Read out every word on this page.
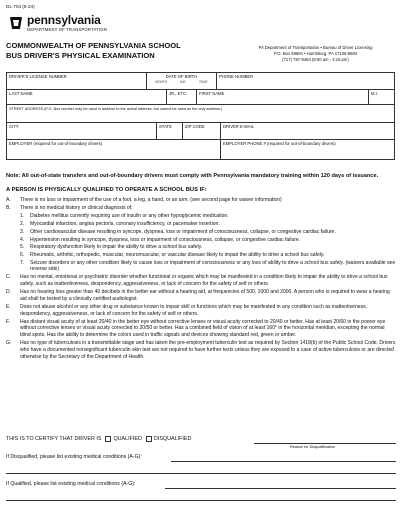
DL-704 (5-24)
pennsylvania
DEPARTMENT OF TRANSPORTATION
COMMONWEALTH OF PENNSYLVANIA SCHOOL
BUS DRIVER'S PHYSICAL EXAMINATION
PA Department of Transportation • Bureau of Driver Licensing
P.O. Box 68684 • Harrisburg, PA 17106-8684
(717) 787-9463 (8:00 am - 4:15 pm)
DRIVER'S LICENSE NUMBER	DATE OF BIRTH
MONTH	DAY	YEAR
PHONE NUMBER
LAST NAME	JR., ETC.	FIRST NAME	M.I.
STREET ADDRESS (P.O. Box number may be used in addition to the actual address, but cannot be used as the only address.)
CITY	STATE	ZIP CODE	DRIVER E-MAIL
EMPLOYER (required for out-of-boundary drivers)	EMPLOYER PHONE # (required for out-of-boundary drivers)
Note: All out-of-state transfers and out-of-boundary drivers must comply with Pennsylvania mandatory training within 120 days of issuance.
A PERSON IS PHYSICALLY QUALIFIED TO OPERATE A SCHOOL BUS IF:
A.	There is no loss or impairment of the use of a foot, a leg, a hand, or an arm. (see second page for waiver information)
B.	There is no medical history or clinical diagnosis of;
1.	Diabetes mellitus currently requiring use of insulin or any other hypoglycemic medication.
2.	Myocardial infarction, angina pectoris, coronary insufficiency, or pacemaker insertion.
3.	Other cardiovascular disease resulting in syncope, dyspnea, loss or impairment of consciousness, collapse, or congestive cardiac failure.
4.	Hypertension resulting in syncope, dyspnea, loss or impairment of consciousness, collapse, or congestive cardiac failure.
5.	Respiratory dysfunction likely to impair the ability to drive a school bus safely.
6.	Rheumatic, arthritic, orthopedic, muscular, neuromuscular, or vascular disease likely to impair the ability to drive a school bus safely.
7.	Seizure disorders or any other condition likely to cause loss or impairment of consciousness or any loss of ability to drive a school bus safely. (waivers available see reverse side)
C.	Has no mental, emotional or psychiatric disorder whether functional or organic which may be manifested in a condition likely to impair the ability to drive a school bus safely, such as inattentiveness, despondency, aggressiveness, or lack of concern for the safety of self or others.
D.	Has no hearing loss greater than 40 decibels in the better ear without a hearing aid, at frequencies of 500, 1000 and 2000. A person who is required to wear a hearing aid shall be tested by a clinically certified audiologist.
E.	Does not abuse alcohol or any other drug or substance known to impair skill or functions which may be manifested in any condition such as inattentiveness, despondency, aggressiveness, or lack of concern for the safety of self or others.
F.	Has distant visual acuity of at least 20/40 in the better eye without corrective lenses or visual acuity corrected to 20/40 or better. Has at least 20/60 in the poorer eye without corrective lenses or visual acuity corrected to 20/50 or better. Has a combined field of vision of at least 160° in the horizontal meridian, excepting the normal blind spots. Has the ability to determine the colors used in traffic signals and devices showing standard red, green or amber.
G.	Has no type of tuberculosis in a transmittable stage and has taken the pre-employment tuberculin test as required by Section 1418(b) of the Public School Code. Drivers who have a documented nonsignificant tuberculin skin test are not required to have further tests unless they are exposed to a case of active tuberculosis or are directed otherwise by the Secretary of the Department of Health.
THIS IS TO CERTIFY THAT DRIVER IS QUALIFIED DISQUALIFIED
Reason for Disqualification
If Disqualified, please list existing medical conditions (A-G):
If Qualified, please list existing medical conditions (A-G):
